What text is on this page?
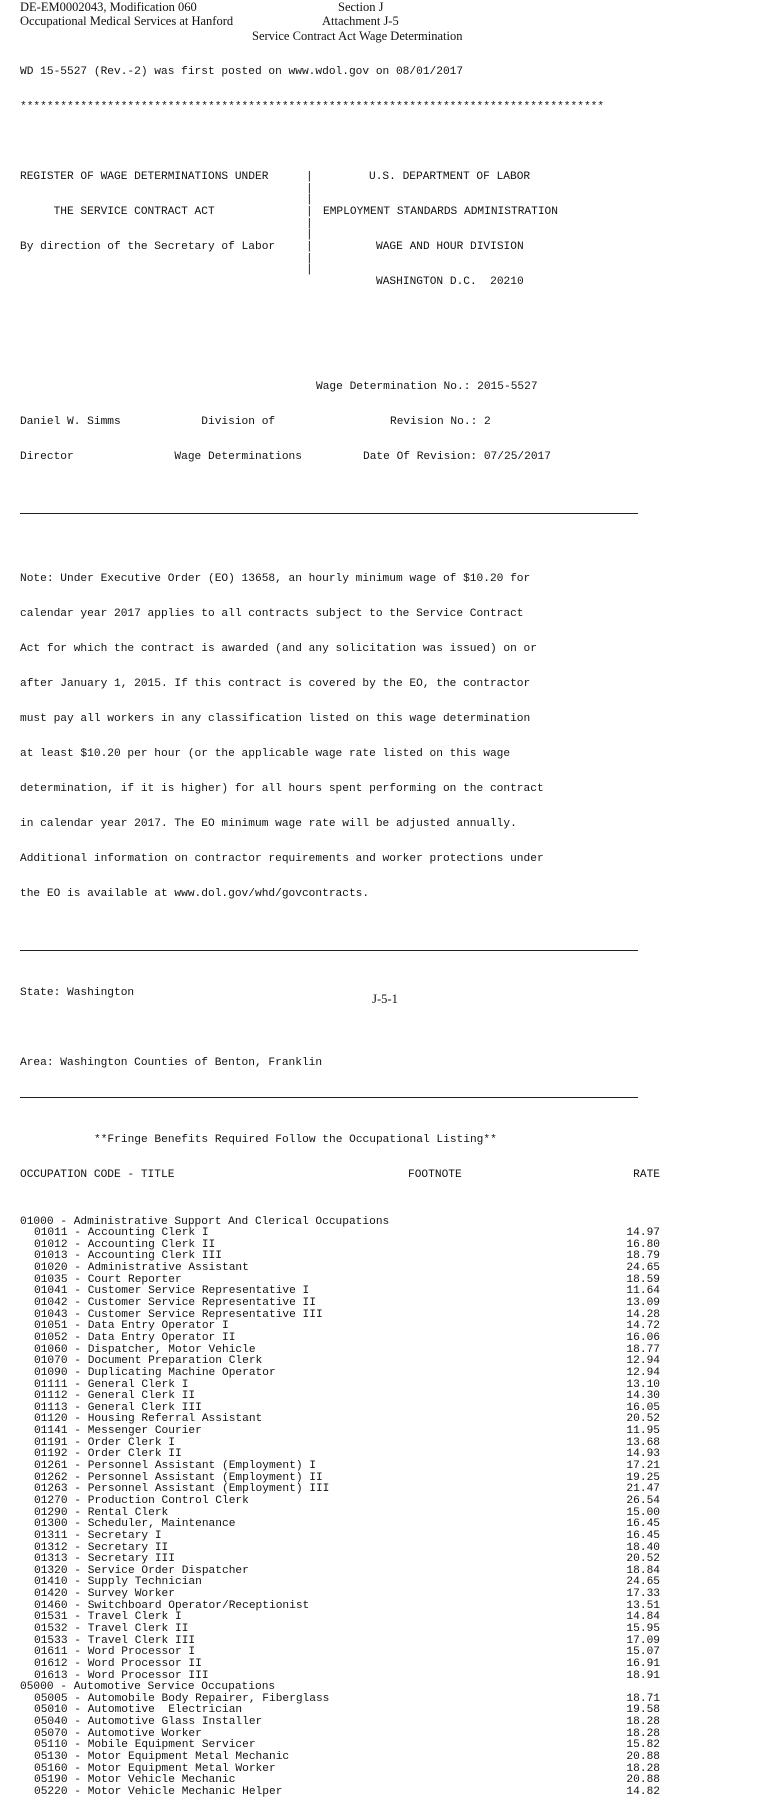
DE-EM0002043, Modification 060
Occupational Medical Services at Hanford
Section J
Attachment J-5
Service Contract Act Wage Determination

WD 15-5527 (Rev.-2) was first posted on www.wdol.gov on 08/01/2017

***************************************************************************************

REGISTER OF WAGE DETERMINATIONS UNDER

THE SERVICE CONTRACT ACT

By direction of the Secretary of Labor

Daniel W. Simms            Division of

Director               Wage Determinations

|
|
|
|
|
|
|
|
|

U.S. DEPARTMENT OF LABOR

EMPLOYMENT STANDARDS ADMINISTRATION

WAGE AND HOUR DIVISION

WASHINGTON D.C.  20210

Wage Determination No.: 2015-5527

Revision No.: 2

Date Of Revision: 07/25/2017

Note: Under Executive Order (EO) 13658, an hourly minimum wage of $10.20 for

calendar year 2017 applies to all contracts subject to the Service Contract

Act for which the contract is awarded (and any solicitation was issued) on or

after January 1, 2015. If this contract is covered by the EO, the contractor

must pay all workers in any classification listed on this wage determination

at least $10.20 per hour (or the applicable wage rate listed on this wage

determination, if it is higher) for all hours spent performing on the contract

in calendar year 2017. The EO minimum wage rate will be adjusted annually.

Additional information on contractor requirements and worker protections under

the EO is available at www.dol.gov/whd/govcontracts.

State: Washington

Area: Washington Counties of Benton, Franklin

**Fringe Benefits Required Follow the Occupational Listing**

OCCUPATION CODE - TITLE	FOOTNOTE	RATE

01000 - Administrative Support And Clerical Occupations
01011 - Accounting Clerk I	14.97
01012 - Accounting Clerk II	16.80
01013 - Accounting Clerk III	18.79
01020 - Administrative Assistant	24.65
01035 - Court Reporter	18.59
01041 - Customer Service Representative I	11.64
01042 - Customer Service Representative II	13.09
01043 - Customer Service Representative III	14.28
01051 - Data Entry Operator I	14.72
01052 - Data Entry Operator II	16.06
01060 - Dispatcher, Motor Vehicle	18.77
01070 - Document Preparation Clerk	12.94
01090 - Duplicating Machine Operator	12.94
01111 - General Clerk I	13.10
01112 - General Clerk II	14.30
01113 - General Clerk III	16.05
01120 - Housing Referral Assistant	20.52
01141 - Messenger Courier	11.95
01191 - Order Clerk I	13.68
01192 - Order Clerk II	14.93
01261 - Personnel Assistant (Employment) I	17.21
01262 - Personnel Assistant (Employment) II	19.25
01263 - Personnel Assistant (Employment) III	21.47
01270 - Production Control Clerk	26.54
01290 - Rental Clerk	15.00
01300 - Scheduler, Maintenance	16.45
01311 - Secretary I	16.45
01312 - Secretary II	18.40
01313 - Secretary III	20.52
01320 - Service Order Dispatcher	18.84
01410 - Supply Technician	24.65
01420 - Survey Worker	17.33
01460 - Switchboard Operator/Receptionist	13.51
01531 - Travel Clerk I	14.84
01532 - Travel Clerk II	15.95
01533 - Travel Clerk III	17.09
01611 - Word Processor I	15.07
01612 - Word Processor II	16.91
01613 - Word Processor III	18.91
05000 - Automotive Service Occupations
05005 - Automobile Body Repairer, Fiberglass	18.71
05010 - Automotive  Electrician	19.58
05040 - Automotive Glass Installer	18.28
05070 - Automotive Worker	18.28
05110 - Mobile Equipment Servicer	15.82
05130 - Motor Equipment Metal Mechanic	20.88
05160 - Motor Equipment Metal Worker	18.28
05190 - Motor Vehicle Mechanic	20.88
05220 - Motor Vehicle Mechanic Helper	14.82

J-5-1
